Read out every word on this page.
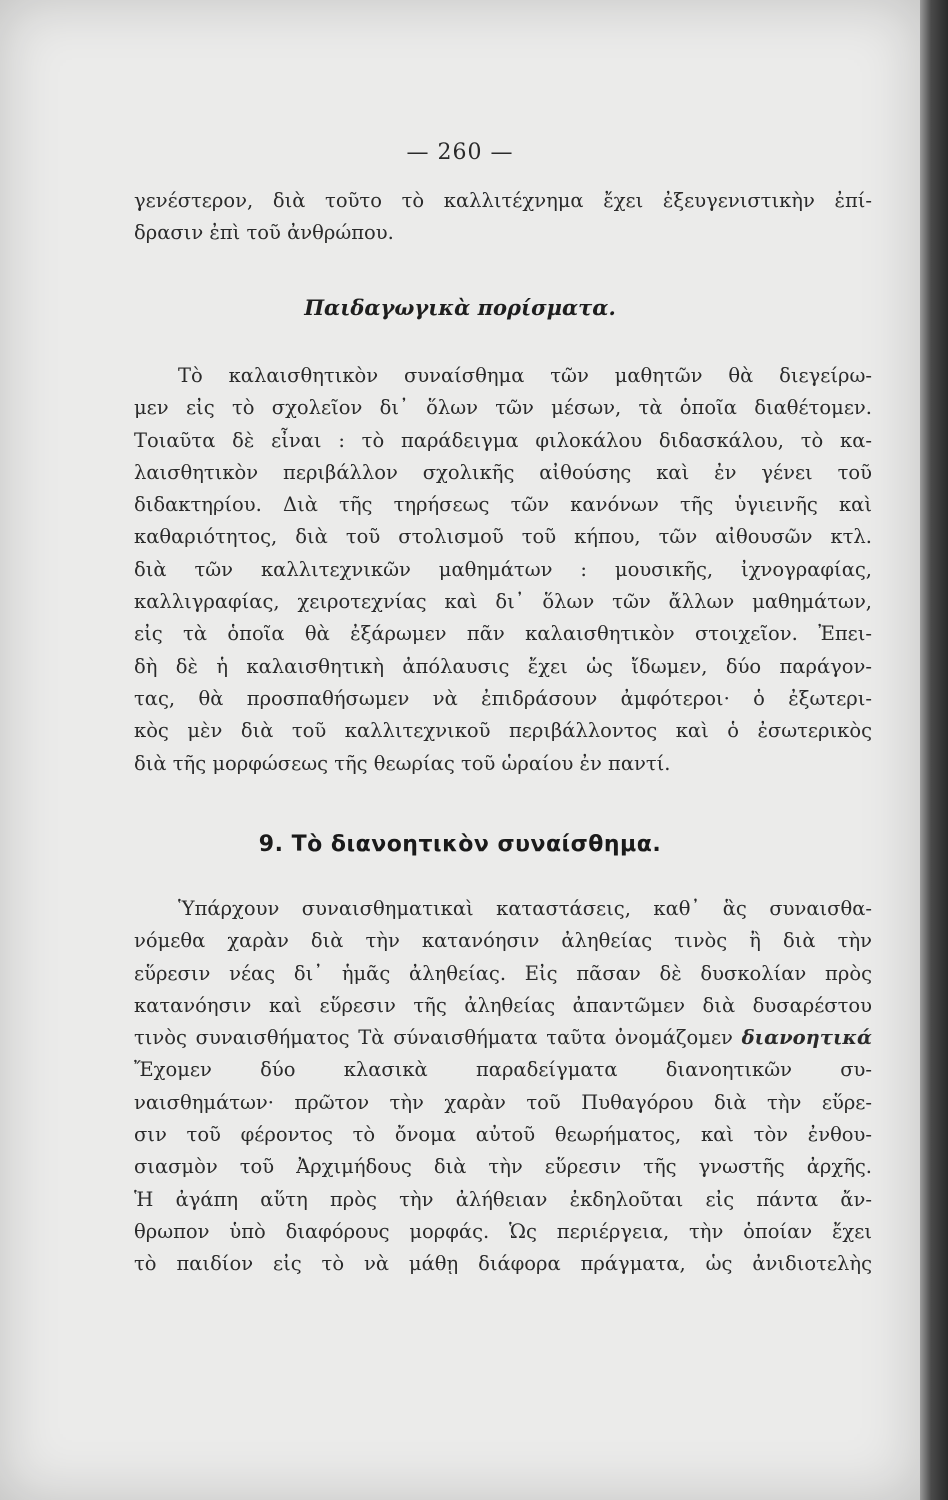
— 260 —
γενέστερον, διὰ τοῦτο τὸ καλλιτέχνημα ἔχει ἐξευγενιστικὴν ἐπί-
δρασιν ἐπὶ τοῦ ἀνθρώπου.
Παιδαγωγικὰ πορίσματα.
Τὸ καλαισθητικὸν συναίσθημα τῶν μαθητῶν θὰ διεγείρω-
μεν εἰς τὸ σχολεῖον δι᾽ ὅλων τῶν μέσων, τὰ ὁποῖα διαθέτομεν.
Τοιαῦτα δὲ εἶναι : τὸ παράδειγμα φιλοκάλου διδασκάλου, τὸ κα-
λαισθητικὸν περιβάλλον σχολικῆς αἰθούσης καὶ ἐν γένει τοῦ
διδακτηρίου. Διὰ τῆς τηρήσεως τῶν κανόνων τῆς ὑγιεινῆς καὶ
καθαριότητος, διὰ τοῦ στολισμοῦ τοῦ κήπου, τῶν αἰθουσῶν κτλ.
διὰ τῶν καλλιτεχνικῶν μαθημάτων : μουσικῆς, ἰχνογραφίας,
καλλιγραφίας, χειροτεχνίας καὶ δι᾽ ὅλων τῶν ἄλλων μαθημάτων,
εἰς τὰ ὁποῖα θὰ ἐξάρωμεν πᾶν καλαισθητικὸν στοιχεῖον. Ἐπει-
δὴ δὲ ἡ καλαισθητικὴ ἀπόλαυσις ἔχει ὡς ἴδωμεν, δύο παράγον-
τας, θὰ προσπαθήσωμεν νὰ ἐπιδράσουν ἀμφότεροι· ὁ ἐξωτερι-
κὸς μὲν διὰ τοῦ καλλιτεχνικοῦ περιβάλλοντος καὶ ὁ ἐσωτερικὸς
διὰ τῆς μορφώσεως τῆς θεωρίας τοῦ ὡραίου ἐν παντί.
9. Τὸ διανοητικὸν συναίσθημα.
Ὑπάρχουν συναισθηματικαὶ καταστάσεις, καθ᾽ ἃς συναισθα-
νόμεθα χαρὰν διὰ τὴν κατανόησιν ἀληθείας τινὸς ἢ διὰ τὴν
εὕρεσιν νέας δι᾽ ἡμᾶς ἀληθείας. Εἰς πᾶσαν δὲ δυσκολίαν πρὸς
κατανόησιν καὶ εὕρεσιν τῆς ἀληθείας ἀπαντῶμεν διὰ δυσαρέστου
τινὸς συναισθήματος Τὰ σύναισθήματα ταῦτα ὀνομάζομεν διανοητικά
Ἔχομεν δύο κλασικὰ παραδείγματα διανοητικῶν συ-
ναισθημάτων· πρῶτον τὴν χαρὰν τοῦ Πυθαγόρου διὰ τὴν εὕρε-
σιν τοῦ φέροντος τὸ ὄνομα αὐτοῦ θεωρήματος, καὶ τὸν ἐνθου-
σιασμὸν τοῦ Ἀρχιμήδους διὰ τὴν εὕρεσιν τῆς γνωστῆς ἀρχῆς.
Ἡ ἀγάπη αὕτη πρὸς τὴν ἀλήθειαν ἐκδηλοῦται εἰς πάντα ἄν-
θρωπον ὑπὸ διαφόρους μορφάς. Ὡς περιέργεια, τὴν ὁποίαν ἔχει
τὸ παιδίον εἰς τὸ νὰ μάθῃ διάφορα πράγματα, ὡς ἀνιδιοτελὴς
